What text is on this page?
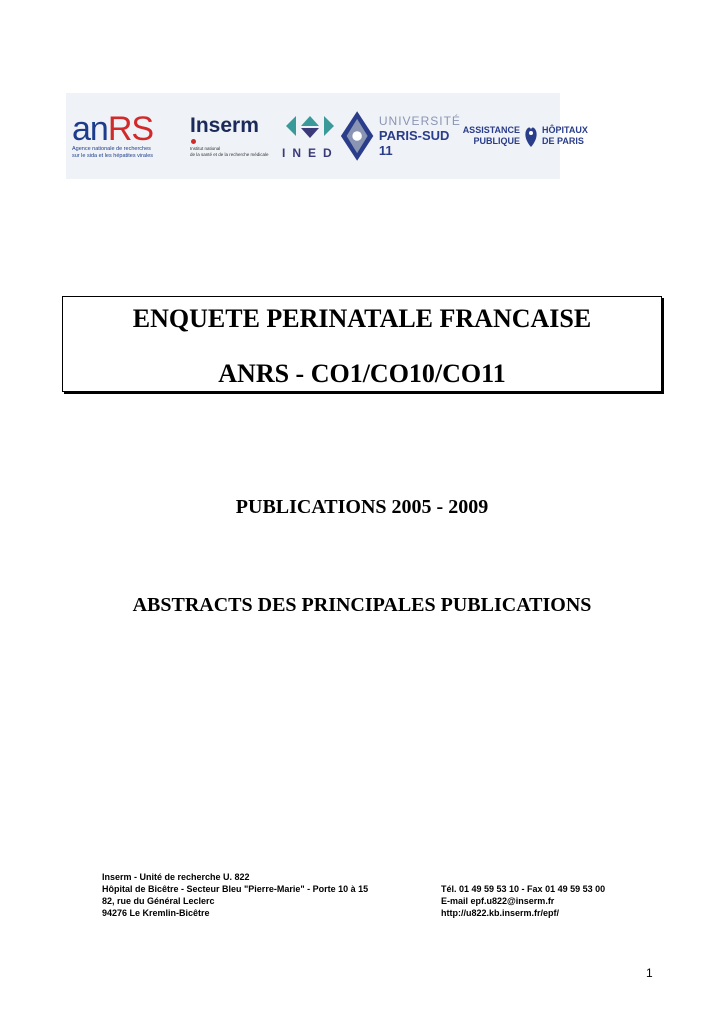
anRS
Agence nationale de recherches
sur le sida et les hépatites virales
Inserm
Institut national
de la santé et de la recherche médicale	INED
UNIVERSITÉ
PARIS-SUD 11
ASSISTANCE
PUBLIQUE
HÔPITAUX
DE PARIS
ENQUETE PERINATALE FRANCAISE
ANRS - CO1/CO10/CO11
PUBLICATIONS 2005 - 2009
ABSTRACTS DES PRINCIPALES PUBLICATIONS
Inserm - Unité de recherche U. 822
Hôpital de Bicêtre - Secteur Bleu "Pierre-Marie" - Porte 10 à 15	Tél. 01 49 59 53 10 - Fax 01 49 59 53 00
82, rue du Général Leclerc	E-mail epf.u822@inserm.fr
94276 Le Kremlin-Bicêtre	http://u822.kb.inserm.fr/epf/
1
